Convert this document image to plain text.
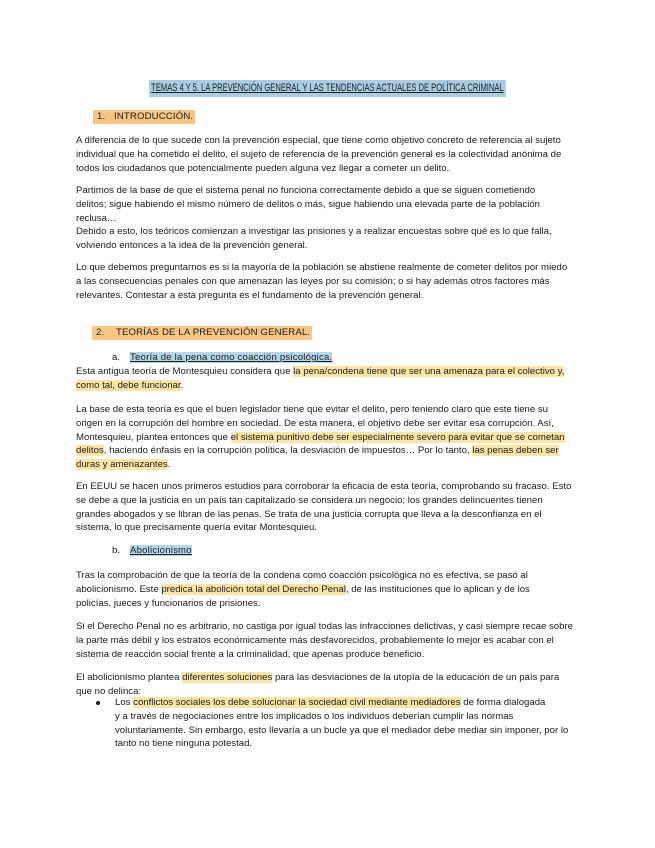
TEMAS 4 Y 5. LA PREVENCIÓN GENERAL Y LAS TENDENCIAS ACTUALES DE POLÍTICA CRIMINAL
1. INTRODUCCIÓN.
A diferencia de lo que sucede con la prevención especial, que tiene como objetivo concreto de referencia al sujeto
individual que ha cometido el delito, el sujeto de referencia de la prevención general es la colectividad anónima de
todos los ciudadanos que potencialmente pueden alguna vez llegar a cometer un delito.
Partimos de la base de que el sistema penal no funciona correctamente debido a que se siguen cometiendo
delitos; sigue habiendo el mismo número de delitos o más, sigue habiendo una elevada parte de la población
reclusa…
Debido a esto, los teóricos comienzan a investigar las prisiones y a realizar encuestas sobre qué es lo que falla,
volviendo entonces a la idea de la prevención general.
Lo que debemos preguntarnos es si la mayoría de la población se abstiene realmente de cometer delitos por miedo
a las consecuencias penales con que amenazan las leyes por su comisión; o si hay además otros factores más
relevantes. Contestar a esta pregunta es el fundamento de la prevención general.
2. TEORÍAS DE LA PREVENCIÓN GENERAL.
a. Teoría de la pena como coacción psicológica.
Esta antigua teoría de Montesquieu considera que la pena/condena tiene que ser una amenaza para el colectivo y,
como tal, debe funcionar.
La base de esta teoría es que el buen legislador tiene que evitar el delito, pero teniendo claro que este tiene su
origen en la corrupción del hombre en sociedad. De esta manera, el objetivo debe ser evitar esa corrupción. Así,
Montesquieu, plantea entonces que el sistema punitivo debe ser especialmente severo para evitar que se cometan
delitos, haciendo énfasis en la corrupción política, la desviación de impuestos… Por lo tanto, las penas deben ser
duras y amenazantes.
En EEUU se hacen unos primeros estudios para corroborar la eficacia de esta teoría, comprobando su fracaso. Esto
se debe a que la justicia en un país tan capitalizado se considera un negocio; los grandes delincuentes tienen
grandes abogados y se libran de las penas. Se trata de una justicia corrupta que lleva a la desconfianza en el
sistema, lo que precisamente quería evitar Montesquieu.
b. Abolicionismo
Tras la comprobación de que la teoría de la condena como coacción psicológica no es efectiva, se pasó al
abolicionismo. Este predica la abolición total del Derecho Penal, de las instituciones que lo aplican y de los
policías, jueces y funcionarios de prisiones.
Si el Derecho Penal no es arbitrario, no castiga por igual todas las infracciones delictivas, y casi siempre recae sobre
la parte más débil y los estratos económicamente más desfavorecidos, probablemente lo mejor es acabar con el
sistema de reacción social frente a la criminalidad, que apenas produce beneficio.
El abolicionismo plantea diferentes soluciones para las desviaciones de la utopía de la educación de un país para
que no delinca:
Los conflictos sociales los debe solucionar la sociedad civil mediante mediadores de forma dialogada
y a través de negociaciones entre los implicados o los individuos deberían cumplir las normas
voluntariamente. Sin embargo, esto llevaría a un bucle ya que el mediador debe mediar sin imponer, por lo
tanto no tiene ninguna potestad.
